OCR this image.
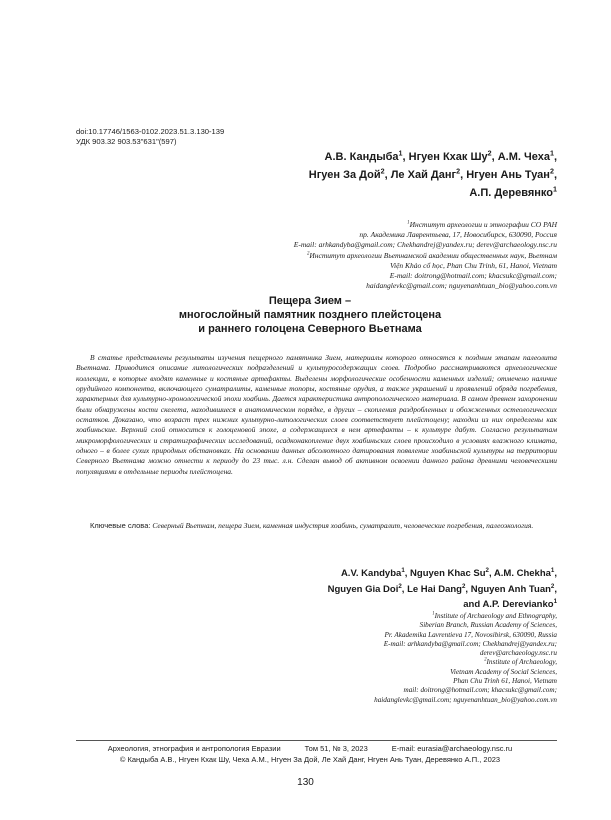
doi:10.17746/1563-0102.2023.51.3.130-139
УДК 903.32 903.53"631"(597)
А.В. Кандыба$^1$, Нгуен Кхак $Шу^2$, А.М. Чеха$^1$,
Нгуен За Дой$^2$, Ле Хай Данг$^2$, Нгуен Ань Туан$^2$,
А.П. Деревянко$^1$
$^1$Институт археологии и этнографии СО РАН
пр. Академика Лаврентьева, 17, Новосибирск, 630090, Россия
E-mail: arhkandyba@gmail.com; Chekhandrej@yandex.ru; derev@archaeology.nsc.ru
$^2$Институт археологии Вьетнамской академии общественных наук, Вьетнам
Viện Khảo cổ học, Phan Chu Trinh, 61, Hanoi, Vietnam
E-mail: doitrong@hotmail.com; khacsukc@gmail.com;
haidanglevkc@gmail.com; nguyenanhtuan_bio@yahoo.com.vn
Пещера Зием –
многослойный памятник позднего плейстоцена
и раннего голоцена Северного Вьетнама
В статье представлены результаты изучения пещерного памятника Зием, материалы которого относятся к поздним этапам палеолита Вьетнама. Приводится описание литологических подразделений и культуросодержащих слоев. Подробно рассматриваются археологические коллекции, в которые входят каменные и костяные артефакты. Выделены морфологические особенности каменных изделий; отмечено наличие орудийного компонента, включающего суматралиты, каменные топоры, костяные орудия, а также украшений и проявлений обряда погребения, характерных для культурно-хронологической эпохи хоабинь. Дается характеристика антропологического материала. В самом древнем захоронении были обнаружены кости скелета, находившиеся в анатомическом порядке, в других – скопления раздробленных и обожженных остеологических остатков. Доказано, что возраст трех нижних культурно-литологических слоев соответствует плейстоцену; находки из них определены как хоабиньские. Верхний слой относится к голоценовой эпохе, а содержащиеся в нем артефакты – к культуре дабут. Согласно результатам микроморфологических и стратиграфических исследований, осадконакопление двух хоабиньских слоев происходило в условиях влажного климата, одного – в более сухих природных обстановках. На основании данных абсолютного датирования появление хоабиньской культуры на территории Северного Вьетнама можно отнести к периоду до 23 тыс. л.н. Сделан вывод об активном освоении данного района древними человеческими популяциями в отдельные периоды плейстоцена.
Ключевые слова: Северный Вьетнам, пещера Зием, каменная индустрия хоабинь, суматралит, человеческие погребения, палеоэкология.
A.V. Kandyba$^1$, Nguyen Khac Su$^2$, A.M. Chekha$^1$,
Nguyen Gia Doi$^2$, Le Hai Dang$^2$, Nguyen Anh Tuan$^2$,
and A.P. Derevianko$^1$
$^1$Institute of Archaeology and Ethnography,
Siberian Branch, Russian Academy of Sciences,
Pr. Akademika Lavrentieva 17, Novosibirsk, 630090, Russia
E-mail: arhkandyba@gmail.com; Chekhandrej@yandex.ru;
derev@archaeology.nsc.ru
$^2$Institute of Archaeology,
Vietnam Academy of Social Sciences,
Phan Chu Trinh 61, Hanoi, Vietnam
mail: doitrong@hotmail.com; khacsukc@gmail.com;
haidanglevkc@gmail.com; nguyenanhtuan_bio@yahoo.com.vn
Археология, этнография и антропология Евразии	Том 51, № 3, 2023	E-mail: eurasia@archaeology.nsc.ru
© Кандыба А.В., Нгуен Кхак Шу, Чеха А.М., Нгуен За Дой, Ле Хай Данг, Нгуен Ань Туан, Деревянко А.П., 2023
130
